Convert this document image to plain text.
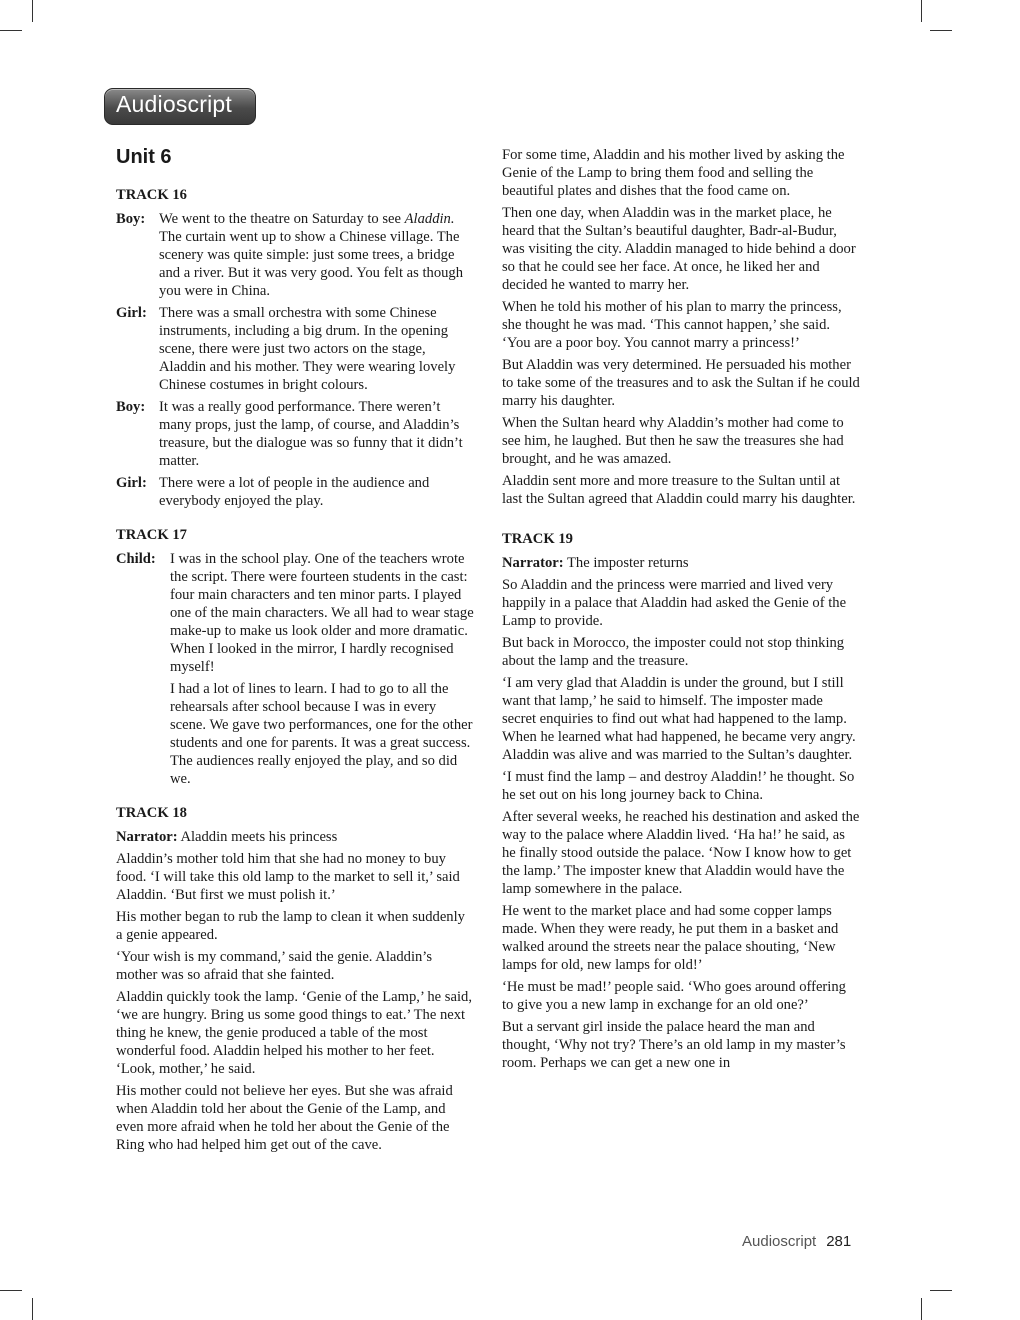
Audioscript
Unit 6
TRACK 16
Boy: We went to the theatre on Saturday to see Aladdin. The curtain went up to show a Chinese village. The scenery was quite simple: just some trees, a bridge and a river. But it was very good. You felt as though you were in China.
Girl: There was a small orchestra with some Chinese instruments, including a big drum. In the opening scene, there were just two actors on the stage, Aladdin and his mother. They were wearing lovely Chinese costumes in bright colours.
Boy: It was a really good performance. There weren’t many props, just the lamp, of course, and Aladdin’s treasure, but the dialogue was so funny that it didn’t matter.
Girl: There were a lot of people in the audience and everybody enjoyed the play.
TRACK 17
Child: I was in the school play. One of the teachers wrote the script. There were fourteen students in the cast: four main characters and ten minor parts. I played one of the main characters. We all had to wear stage make-up to make us look older and more dramatic. When I looked in the mirror, I hardly recognised myself!

I had a lot of lines to learn. I had to go to all the rehearsals after school because I was in every scene. We gave two performances, one for the other students and one for parents. It was a great success. The audiences really enjoyed the play, and so did we.

TRACK 18
Narrator: Aladdin meets his princess

Aladdin’s mother told him that she had no money to buy food. ‘I will take this old lamp to the market to sell it,’ said Aladdin. ‘But first we must polish it.’

His mother began to rub the lamp to clean it when suddenly a genie appeared.

‘Your wish is my command,’ said the genie. Aladdin’s mother was so afraid that she fainted.

Aladdin quickly took the lamp. ‘Genie of the Lamp,’ he said, ‘we are hungry. Bring us some good things to eat.’ The next thing he knew, the genie produced a table of the most wonderful food. Aladdin helped his mother to her feet. ‘Look, mother,’ he said.

His mother could not believe her eyes. But she was afraid when Aladdin told her about the Genie of the Lamp, and even more afraid when he told her about the Genie of the Ring who had helped him get out of the cave.

For some time, Aladdin and his mother lived by asking the Genie of the Lamp to bring them food and selling the beautiful plates and dishes that the food came on.

Then one day, when Aladdin was in the market place, he heard that the Sultan’s beautiful daughter, Badr-al-Budur, was visiting the city. Aladdin managed to hide behind a door so that he could see her face. At once, he liked her and decided he wanted to marry her.

When he told his mother of his plan to marry the princess, she thought he was mad. ‘This cannot happen,’ she said. ‘You are a poor boy. You cannot marry a princess!’

But Aladdin was very determined. He persuaded his mother to take some of the treasures and to ask the Sultan if he could marry his daughter.

When the Sultan heard why Aladdin’s mother had come to see him, he laughed. But then he saw the treasures she had brought, and he was amazed.

Aladdin sent more and more treasure to the Sultan until at last the Sultan agreed that Aladdin could marry his daughter.

TRACK 19
Narrator: The imposter returns

So Aladdin and the princess were married and lived very happily in a palace that Aladdin had asked the Genie of the Lamp to provide.

But back in Morocco, the imposter could not stop thinking about the lamp and the treasure.

‘I am very glad that Aladdin is under the ground, but I still want that lamp,’ he said to himself. The imposter made secret enquiries to find out what had happened to the lamp. When he learned what had happened, he became very angry. Aladdin was alive and was married to the Sultan’s daughter.

‘I must find the lamp – and destroy Aladdin!’ he thought. So he set out on his long journey back to China.

After several weeks, he reached his destination and asked the way to the palace where Aladdin lived. ‘Ha ha!’ he said, as he finally stood outside the palace. ‘Now I know how to get the lamp.’ The imposter knew that Aladdin would have the lamp somewhere in the palace.

He went to the market place and had some copper lamps made. When they were ready, he put them in a basket and walked around the streets near the palace shouting, ‘New lamps for old, new lamps for old!’

‘He must be mad!’ people said. ‘Who goes around offering to give you a new lamp in exchange for an old one?’

But a servant girl inside the palace heard the man and thought, ‘Why not try? There’s an old lamp in my master’s room. Perhaps we can get a new one in

Audioscript 281
